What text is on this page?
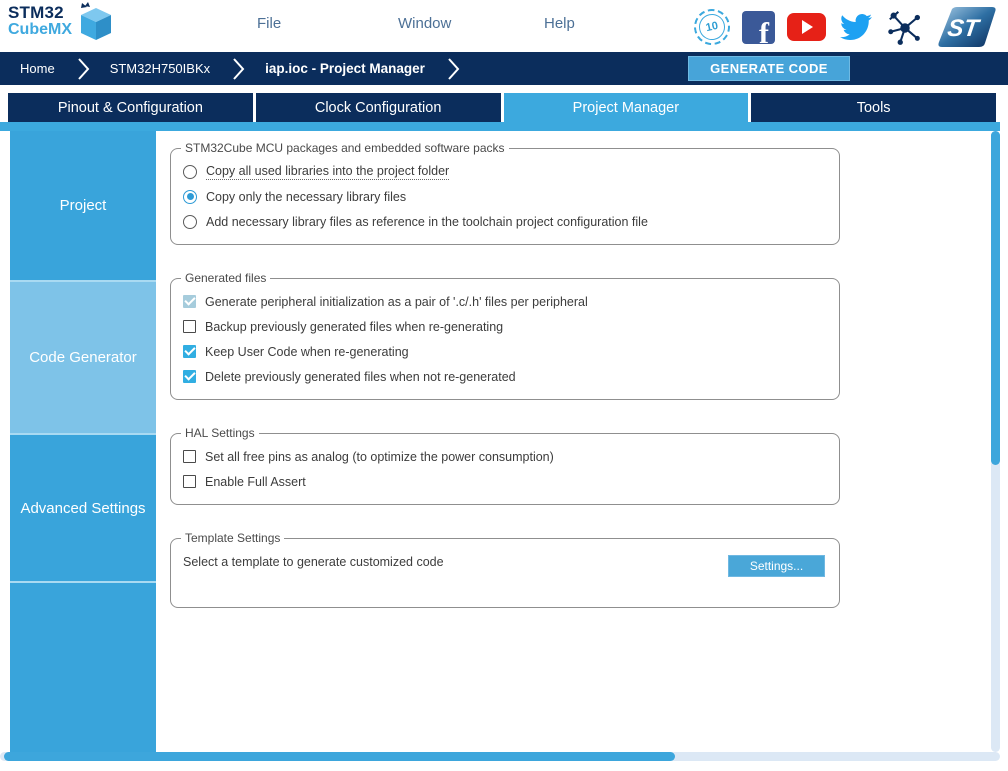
STM32
CubeMX	File	Window	Help	10 f	ST
Home	STM32H750IBKx	iap.ioc - Project Manager	GENERATE CODE
Pinout & Configuration	Clock Configuration	Project Manager	Tools
Project
Code Generator
Advanced Settings
STM32Cube MCU packages and embedded software packs
Copy all used libraries into the project folder
Copy only the necessary library files
Add necessary library files as reference in the toolchain project configuration file
Generated files
Generate peripheral initialization as a pair of '.c/.h' files per peripheral
Backup previously generated files when re-generating
Keep User Code when re-generating
Delete previously generated files when not re-generated
HAL Settings
Set all free pins as analog (to optimize the power consumption)
Enable Full Assert
Template Settings
Select a template to generate customized code	Settings...
